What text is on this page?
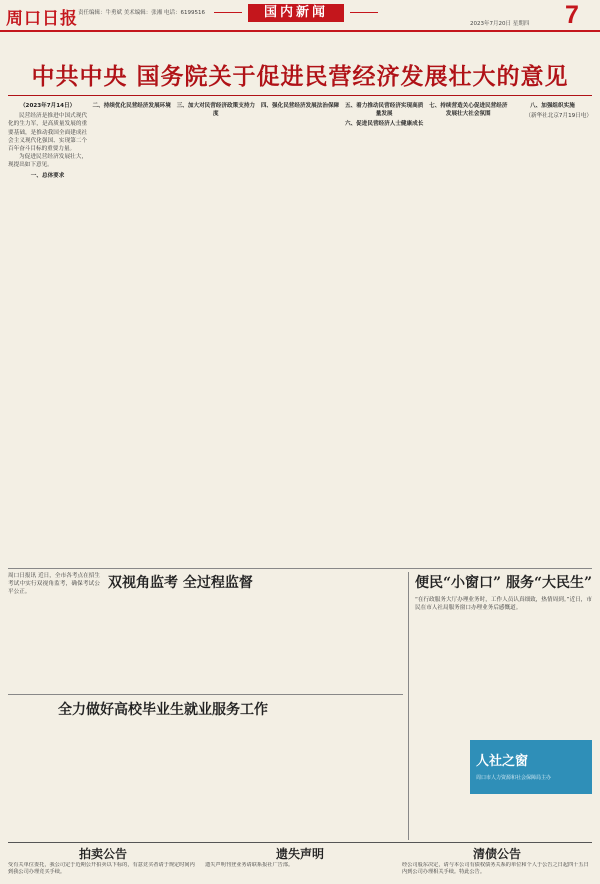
周口日报 责任编辑：牛勇斌 美术编辑：张湘 电话：6199516	国内新闻
2023年7月20日 星期四 7
中共中央 国务院关于促进民营经济发展壮大的意见

（2023年7月14日）

民营经济是推进中国式现代化的生力军，是高质量发展的重要基础，是推动我国全面建成社会主义现代化强国、实现第二个百年奋斗目标的重要力量。

为促进民营经济发展壮大，现提出如下意见。

一、总体要求

二、持续优化民营经济发展环境 三、加大对民营经济政策支持力度

四、强化民营经济发展法治保障 五、着力推动民营经济实现高质量发展

六、促进民营经济人士健康成长

七、持续营造关心促进民营经济发展壮大社会氛围

八、加强组织实施

（新华社北京7月19日电）

周口日报讯 近日，全市各考点在招生考试中实行双视角监考，确保考试公平公正。
双视角监考 全过程监督
全力做好高校毕业生就业服务工作
便民“小窗口” 服务“大民生”
“在行政服务大厅办理业务时，工作人员认真细致，热情周到。”近日，市民在市人社局服务窗口办理业务后感慨道。
人社之窗
周口市人力资源和社会保障局主办
拍卖公告
受有关单位委托，我公司定于近期公开拍卖以下标的，有意竞买者请于规定时间内到我公司办理竞买手续。
遗失声明
遗失声明刊登业务请联系报社广告部。
清债公告
经公司股东决定，请与本公司有债权债务关系的单位和个人于公告之日起四十五日内到公司办理相关手续。特此公告。
